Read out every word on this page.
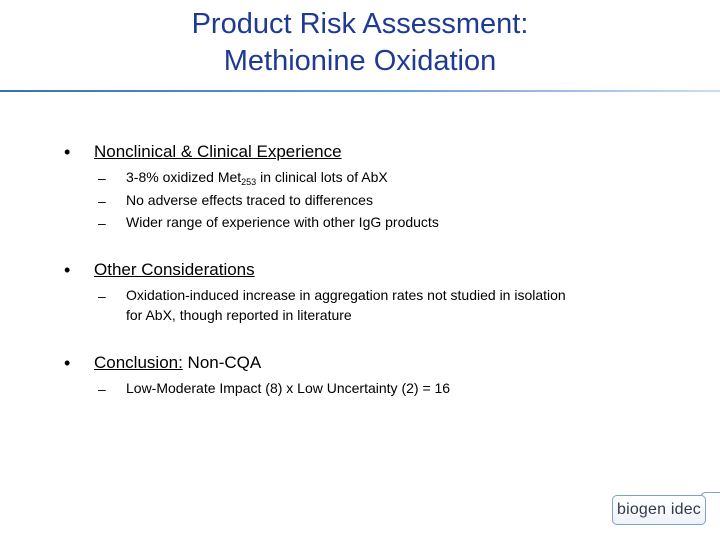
Product Risk Assessment:
Methionine Oxidation
• Nonclinical & Clinical Experience
– 3-8% oxidized Met$_{253}$ in clinical lots of AbX
– No adverse effects traced to differences
– Wider range of experience with other IgG products
• Other Considerations
– Oxidation-induced increase in aggregation rates not studied in isolation
for AbX, though reported in literature
• Conclusion: Non-CQA
– Low-Moderate Impact (8) x Low Uncertainty (2) = 16
biogen idec
